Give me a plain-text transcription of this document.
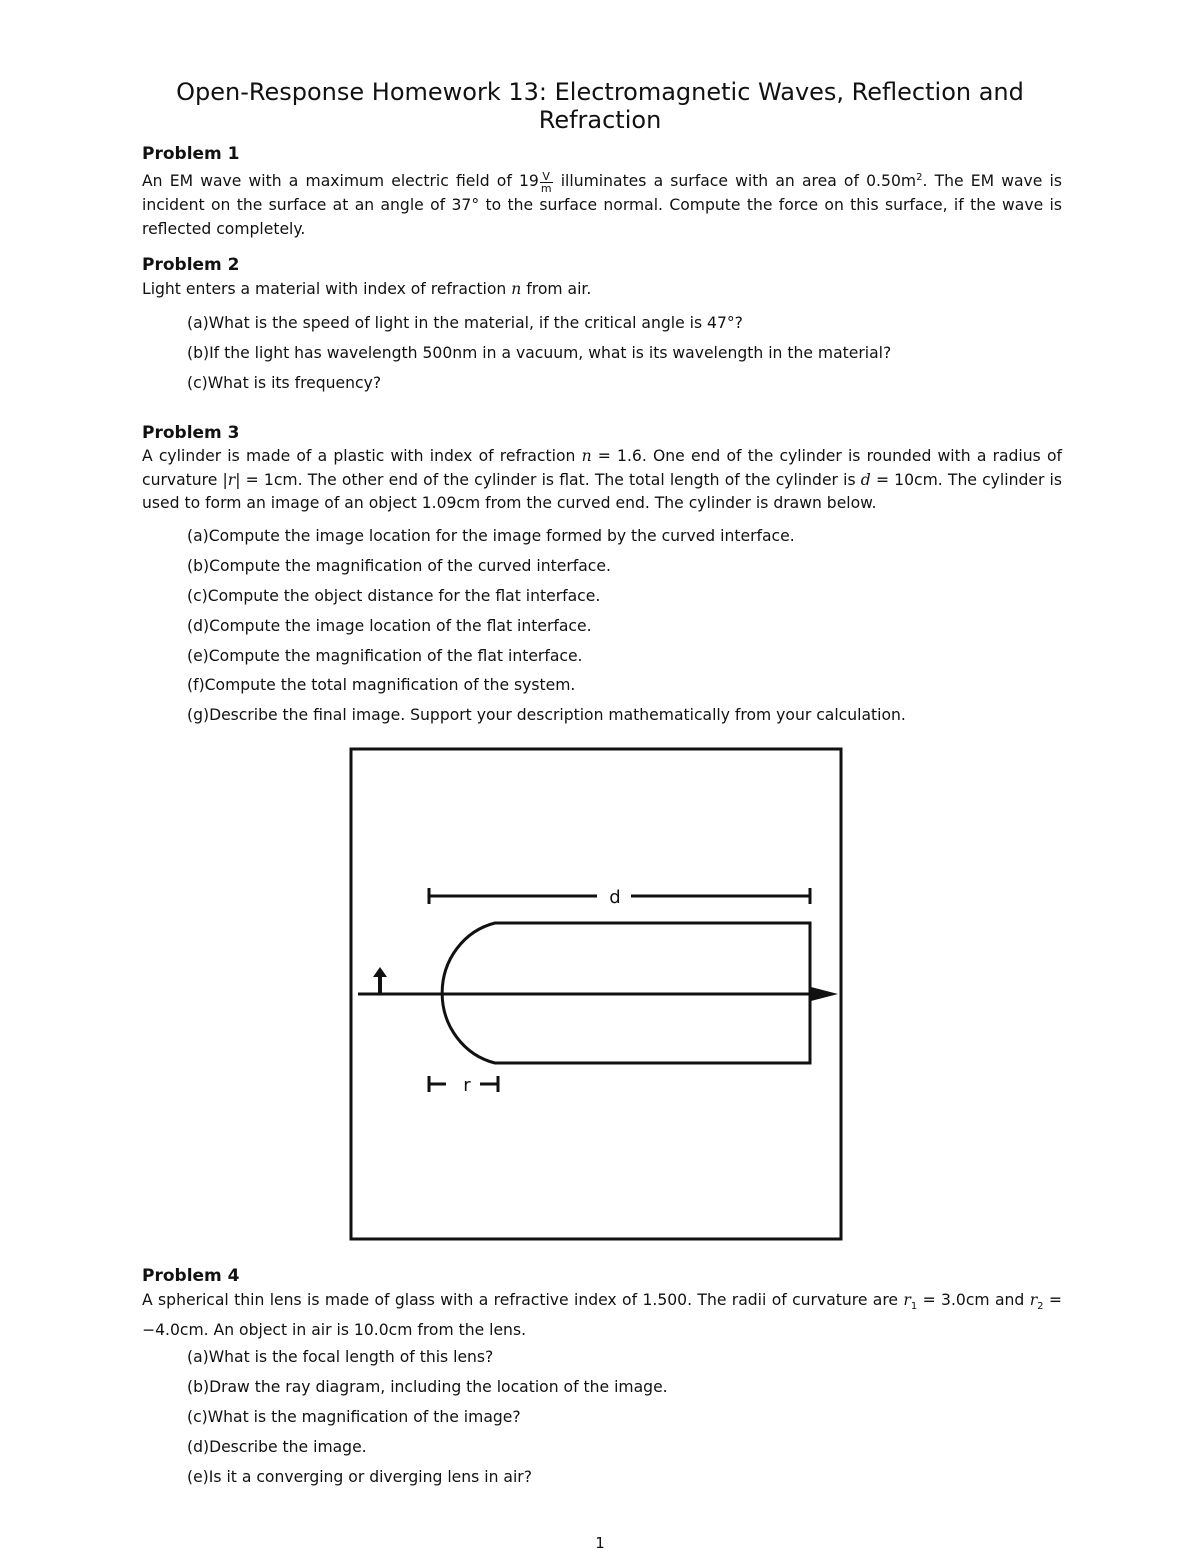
Open-Response Homework 13: Electromagnetic Waves, Reflection and
Refraction
Problem 1
An EM wave with a maximum electric field of $19 \frac{V}{m}$ illuminates a surface with an area of $0.50m^2$. The EM wave is incident on the surface at an angle of 37° to the surface normal. Compute the force on this surface, if the wave is reflected completely.
Problem 2
Light enters a material with index of refraction n from air.
(a)What is the speed of light in the material, if the critical angle is 47°?
(b)If the light has wavelength 500nm in a vacuum, what is its wavelength in the material?
(c)What is its frequency?
Problem 3
A cylinder is made of a plastic with index of refraction n = 1.6. One end of the cylinder is rounded with a radius of curvature |r| = 1cm. The other end of the cylinder is flat. The total length of the cylinder is d = 10cm. The cylinder is used to form an image of an object 1.09cm from the curved end. The cylinder is drawn below.
(a)Compute the image location for the image formed by the curved interface.
(b)Compute the magnification of the curved interface.
(c)Compute the object distance for the flat interface.
(d)Compute the image location of the flat interface.
(e)Compute the magnification of the flat interface.
(f)Compute the total magnification of the system.
(g)Describe the final image. Support your description mathematically from your calculation.
d
r
Problem 4
A spherical thin lens is made of glass with a refractive index of 1.500. The radii of curvature are $r_1 = 3.0cm$ and $r_2 = -4.0cm$. An object in air is 10.0cm from the lens.
(a)What is the focal length of this lens?
(b)Draw the ray diagram, including the location of the image.
(c)What is the magnification of the image?
(d)Describe the image.
(e)Is it a converging or diverging lens in air?
1
